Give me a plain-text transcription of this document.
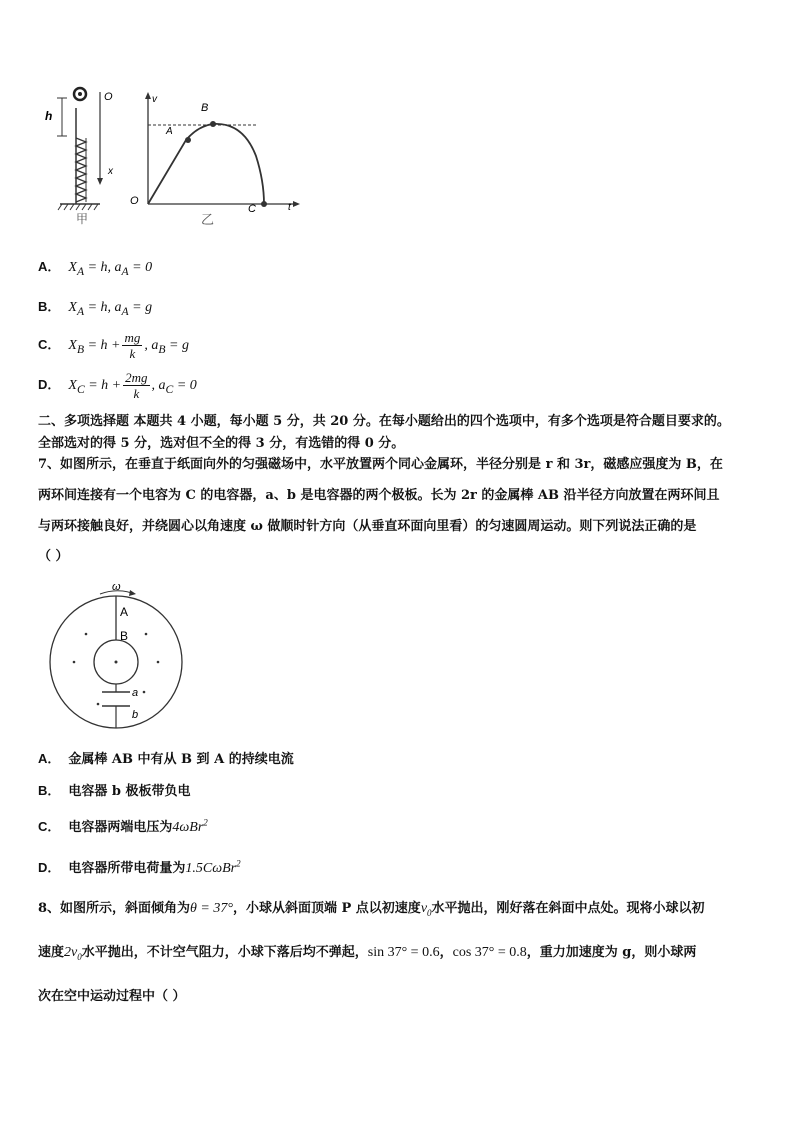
h
O
x
甲
v
O
t
A
B
C
乙
A． $X_A = h$, $a_A = 0$
B． $X_A = h$, $a_A = g$
C． $X_B = h + \frac{mg}{k}$ , $a_B = g$
D． $X_C = h + \frac{2mg}{k}$ , $a_C = 0$
二、多项选择题 本题共 4 小题，每小题 5 分，共 20 分。在每小题给出的四个选项中，有多个选项是符合题目要求的。
全部选对的得 5 分，选对但不全的得 3 分，有选错的得 0 分。
7、如图所示，在垂直于纸面向外的匀强磁场中，水平放置两个同心金属环，半径分别是 r 和 3r，磁感应强度为 B，在
两环间连接有一个电容为 C 的电容器，a、b 是电容器的两个极板。长为 2r 的金属棒 AB 沿半径方向放置在两环间且
与两环接触良好，并绕圆心以角速度 ω 做顺时针方向（从垂直环面向里看）的匀速圆周运动。则下列说法正确的是
（ ）
ω
A
B
a
b
A． 金属棒 AB 中有从 B 到 A 的持续电流
B． 电容器 b 极板带负电
C． 电容器两端电压为4ωBr$^2$
D． 电容器所带电荷量为1.5CωBr$^2$
8、如图所示，斜面倾角为θ = 37°，小球从斜面顶端 P 点以初速度$v_0$水平抛出，刚好落在斜面中点处。现将小球以初
速度$2v_0$水平抛出，不计空气阻力，小球下落后均不弹起，sin 37° = 0.6，cos 37° = 0.8，重力加速度为 g，则小球两
次在空中运动过程中（ ）
